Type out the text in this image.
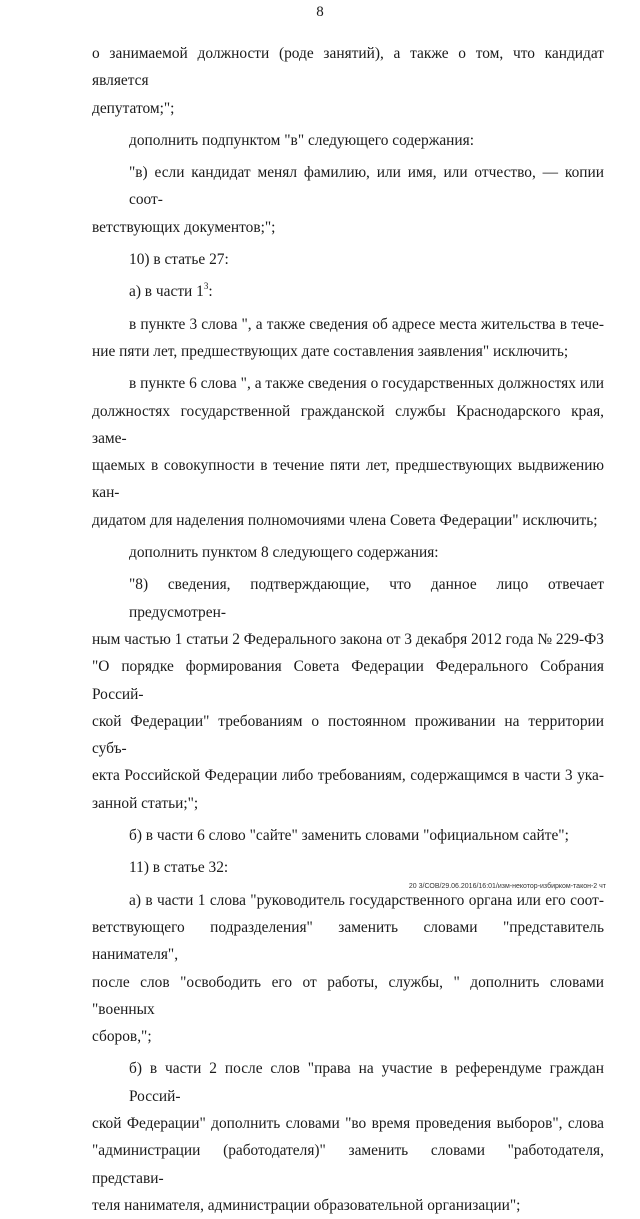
8

о занимаемой должности (роде занятий), а также о том, что кандидат является

депутатом;";

дополнить подпунктом "в" следующего содержания:

"в) если кандидат менял фамилию, или имя, или отчество, — копии соот-

ветствующих документов;";

10) в статье 27:

а) в части $1^3$:

в пункте 3 слова ", а также сведения об адресе места жительства в тече-

ние пяти лет, предшествующих дате составления заявления" исключить;

в пункте 6 слова ", а также сведения о государственных должностях или

должностях государственной гражданской службы Краснодарского края, заме-

щаемых в совокупности в течение пяти лет, предшествующих выдвижению кан-

дидатом для наделения полномочиями члена Совета Федерации" исключить;

дополнить пунктом 8 следующего содержания:

"8) сведения, подтверждающие, что данное лицо отвечает предусмотрен-

ным частью 1 статьи 2 Федерального закона от 3 декабря 2012 года № 229-ФЗ

"О порядке формирования Совета Федерации Федерального Собрания Россий-

ской Федерации" требованиям о постоянном проживании на территории субъ-

екта Российской Федерации либо требованиям, содержащимся в части 3 ука-

занной статьи;";

б) в части 6 слово "сайте" заменить словами "официальном сайте";

11) в статье 32:

а) в части 1 слова "руководитель государственного органа или его соот-

ветствующего подразделения" заменить словами "представитель нанимателя",

после слов "освободить его от работы, службы, " дополнить словами "военных

сборов,";

б) в части 2 после слов "права на участие в референдуме граждан Россий-

ской Федерации" дополнить словами "во время проведения выборов", слова

"администрации (работодателя)" заменить словами "работодателя, представи-

теля нанимателя, администрации образовательной организации";

20 3/СОВ/29.06.2016/16:01/изм-некотор-избирком-такон-2 чт
